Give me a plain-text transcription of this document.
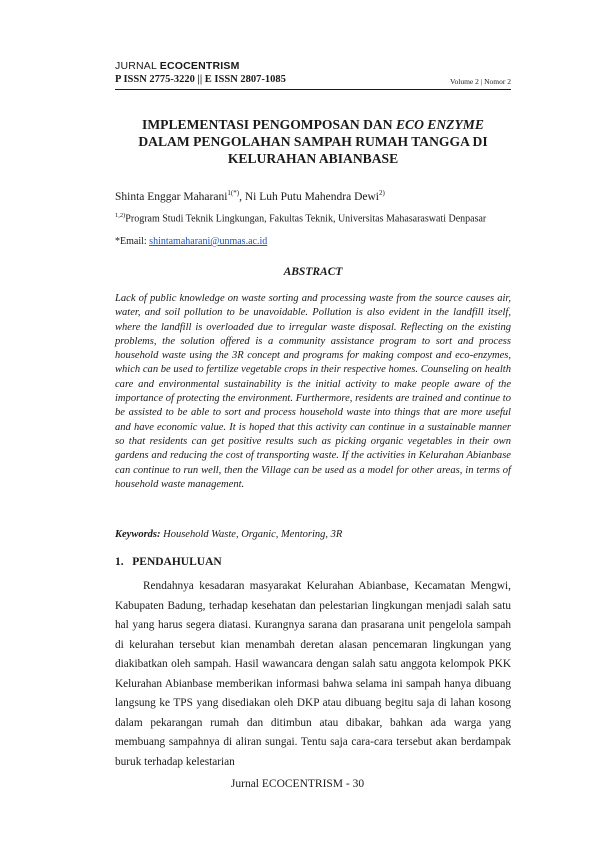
JURNAL ECOCENTRISM
P ISSN 2775-3220 || E ISSN 2807-1085	Volume 2 | Nomor 2
IMPLEMENTASI PENGOMPOSAN DAN ECO ENZYME DALAM PENGOLAHAN SAMPAH RUMAH TANGGA DI KELURAHAN ABIANBASE
Shinta Enggar Maharani$^{1(*)}$, Ni Luh Putu Mahendra Dewi$^{2)}$
$^{1,2)}$Program Studi Teknik Lingkungan, Fakultas Teknik, Universitas Mahasaraswati Denpasar
*Email: shintamaharani@unmas.ac.id
ABSTRACT
Lack of public knowledge on waste sorting and processing waste from the source causes air, water, and soil pollution to be unavoidable. Pollution is also evident in the landfill itself, where the landfill is overloaded due to irregular waste disposal. Reflecting on the existing problems, the solution offered is a community assistance program to sort and process household waste using the 3R concept and programs for making compost and eco-enzymes, which can be used to fertilize vegetable crops in their respective homes. Counseling on health care and environmental sustainability is the initial activity to make people aware of the importance of protecting the environment. Furthermore, residents are trained and continue to be assisted to be able to sort and process household waste into things that are more useful and have economic value. It is hoped that this activity can continue in a sustainable manner so that residents can get positive results such as picking organic vegetables in their own gardens and reducing the cost of transporting waste. If the activities in Kelurahan Abianbase can continue to run well, then the Village can be used as a model for other areas, in terms of household waste management.
Keywords: Household Waste, Organic, Mentoring, 3R
1.   PENDAHULUAN
Rendahnya kesadaran masyarakat Kelurahan Abianbase, Kecamatan Mengwi, Kabupaten Badung, terhadap kesehatan dan pelestarian lingkungan menjadi salah satu hal yang harus segera diatasi. Kurangnya sarana dan prasarana unit pengelola sampah di kelurahan tersebut kian menambah deretan alasan pencemaran lingkungan yang diakibatkan oleh sampah. Hasil wawancara dengan salah satu anggota kelompok PKK Kelurahan Abianbase memberikan informasi bahwa selama ini sampah hanya dibuang langsung ke TPS yang disediakan oleh DKP atau dibuang begitu saja di lahan kosong dalam pekarangan rumah dan ditimbun atau dibakar, bahkan ada warga yang membuang sampahnya di aliran sungai. Tentu saja cara-cara tersebut akan berdampak buruk terhadap kelestarian
Jurnal ECOCENTRISM - 30
